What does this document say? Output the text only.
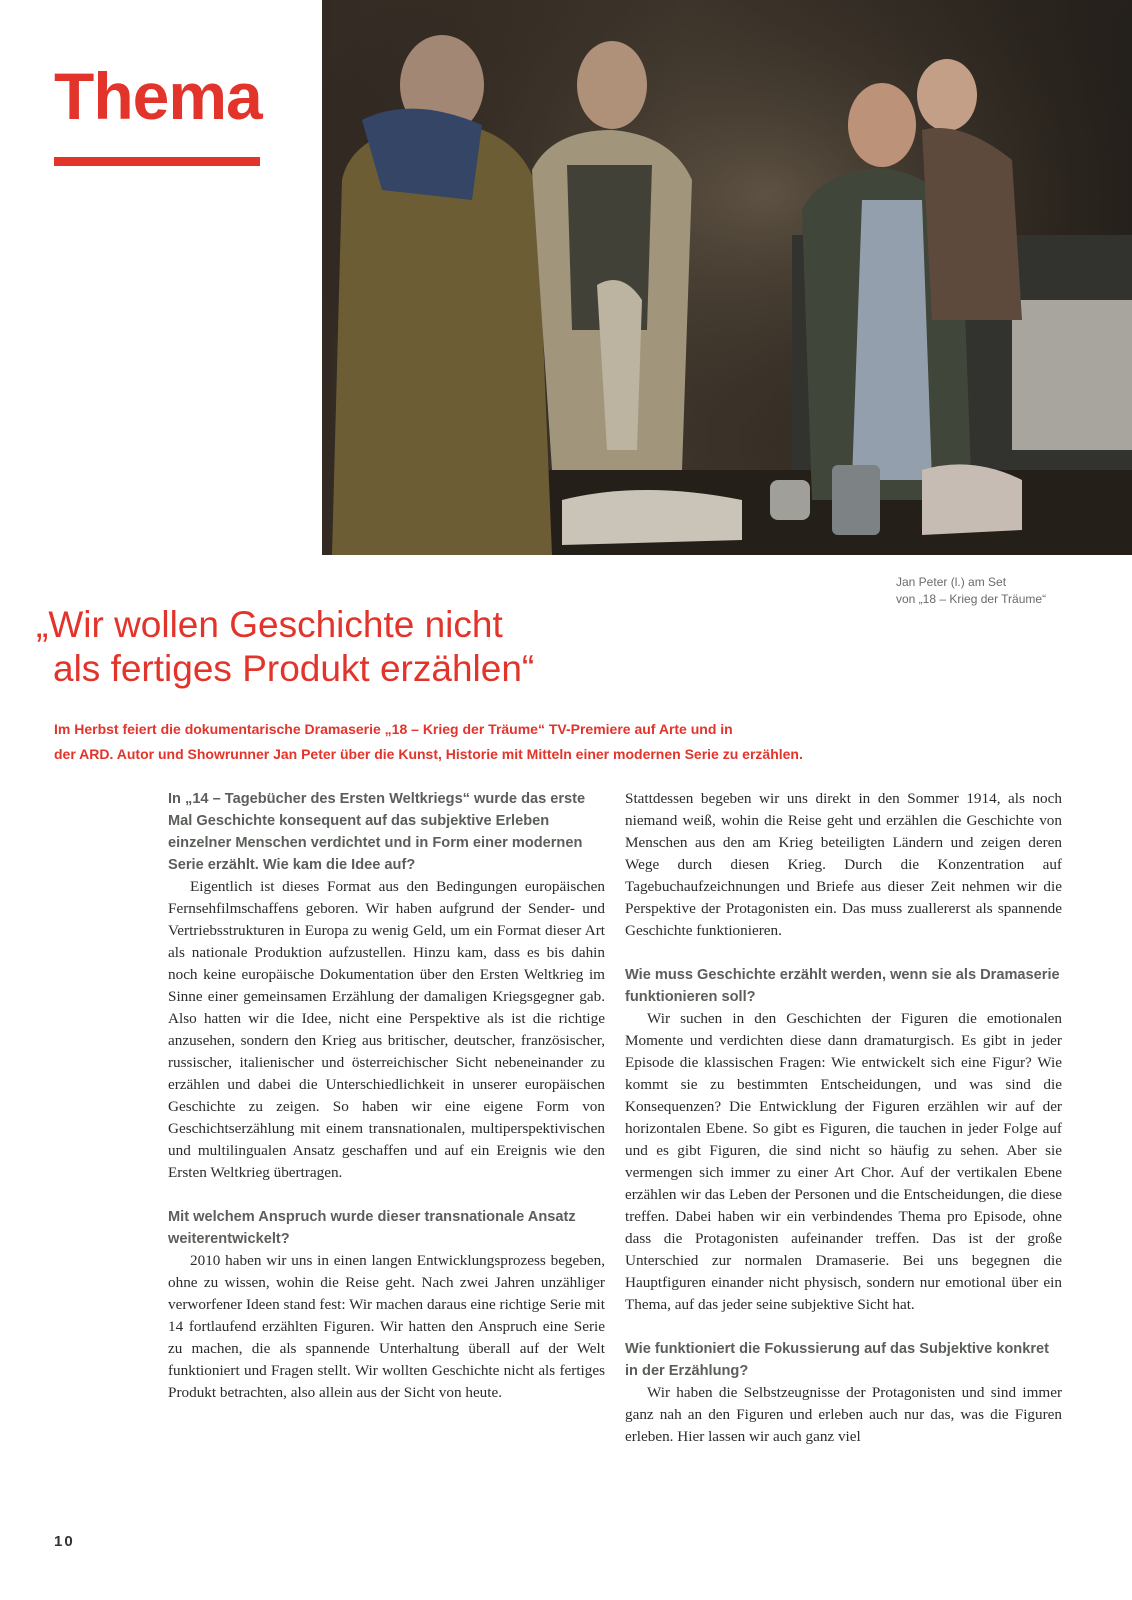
Thema
Jan Peter (l.) am Set
von „18 – Krieg der Träume“
„Wir wollen Geschichte nicht
als fertiges Produkt erzählen“

Im Herbst feiert die dokumentarische Dramaserie „18 – Krieg der Träume“ TV-Premiere auf Arte und in
der ARD. Autor und Showrunner Jan Peter über die Kunst, Historie mit Mitteln einer modernen Serie zu erzählen.

In „14 – Tagebücher des Ersten Weltkriegs“ wurde das erste Mal Geschichte konsequent auf das subjektive Erleben einzelner Menschen verdichtet und in Form einer modernen Serie erzählt. Wie kam die Idee auf?

Eigentlich ist dieses Format aus den Bedingungen europäischen Fernsehfilmschaffens geboren. Wir haben aufgrund der Sender- und Vertriebsstrukturen in Europa zu wenig Geld, um ein Format dieser Art als nationale Produktion aufzustellen. Hinzu kam, dass es bis dahin noch keine europäische Dokumentation über den Ersten Weltkrieg im Sinne einer gemeinsamen Erzählung der damaligen Kriegsgegner gab. Also hatten wir die Idee, nicht eine Perspektive als ist die richtige anzusehen, sondern den Krieg aus britischer, deutscher, französischer, russischer, italienischer und österreichischer Sicht nebeneinander zu erzählen und dabei die Unterschiedlichkeit in unserer europäischen Geschichte zu zeigen. So haben wir eine eigene Form von Geschichtserzählung mit einem transnationalen, multiperspektivischen und multilingualen Ansatz geschaffen und auf ein Ereignis wie den Ersten Weltkrieg übertragen.

Mit welchem Anspruch wurde dieser transnationale Ansatz weiterentwickelt?

2010 haben wir uns in einen langen Entwicklungsprozess begeben, ohne zu wissen, wohin die Reise geht. Nach zwei Jahren unzähliger verworfener Ideen stand fest: Wir machen daraus eine richtige Serie mit 14 fortlaufend erzählten Figuren. Wir hatten den Anspruch eine Serie zu machen, die als spannende Unterhaltung überall auf der Welt funktioniert und Fragen stellt. Wir wollten Geschichte nicht als fertiges Produkt betrachten, also allein aus der Sicht von heute.

Stattdessen begeben wir uns direkt in den Sommer 1914, als noch niemand weiß, wohin die Reise geht und erzählen die Geschichte von Menschen aus den am Krieg beteiligten Ländern und zeigen deren Wege durch diesen Krieg. Durch die Konzentration auf Tagebuchaufzeichnungen und Briefe aus dieser Zeit nehmen wir die Perspektive der Protagonisten ein. Das muss zuallererst als spannende Geschichte funktionieren.

Wie muss Geschichte erzählt werden, wenn sie als Dramaserie funktionieren soll?

Wir suchen in den Geschichten der Figuren die emotionalen Momente und verdichten diese dann dramaturgisch. Es gibt in jeder Episode die klassischen Fragen: Wie entwickelt sich eine Figur? Wie kommt sie zu bestimmten Entscheidungen, und was sind die Konsequenzen? Die Entwicklung der Figuren erzählen wir auf der horizontalen Ebene. So gibt es Figuren, die tauchen in jeder Folge auf und es gibt Figuren, die sind nicht so häufig zu sehen. Aber sie vermengen sich immer zu einer Art Chor. Auf der vertikalen Ebene erzählen wir das Leben der Personen und die Entscheidungen, die diese treffen. Dabei haben wir ein verbindendes Thema pro Episode, ohne dass die Protagonisten aufeinander treffen. Das ist der große Unterschied zur normalen Dramaserie. Bei uns begegnen die Hauptfiguren einander nicht physisch, sondern nur emotional über ein Thema, auf das jeder seine subjektive Sicht hat.

Wie funktioniert die Fokussierung auf das Subjektive konkret in der Erzählung?

Wir haben die Selbstzeugnisse der Protagonisten und sind immer ganz nah an den Figuren und erleben auch nur das, was die Figuren erleben. Hier lassen wir auch ganz viel

10
